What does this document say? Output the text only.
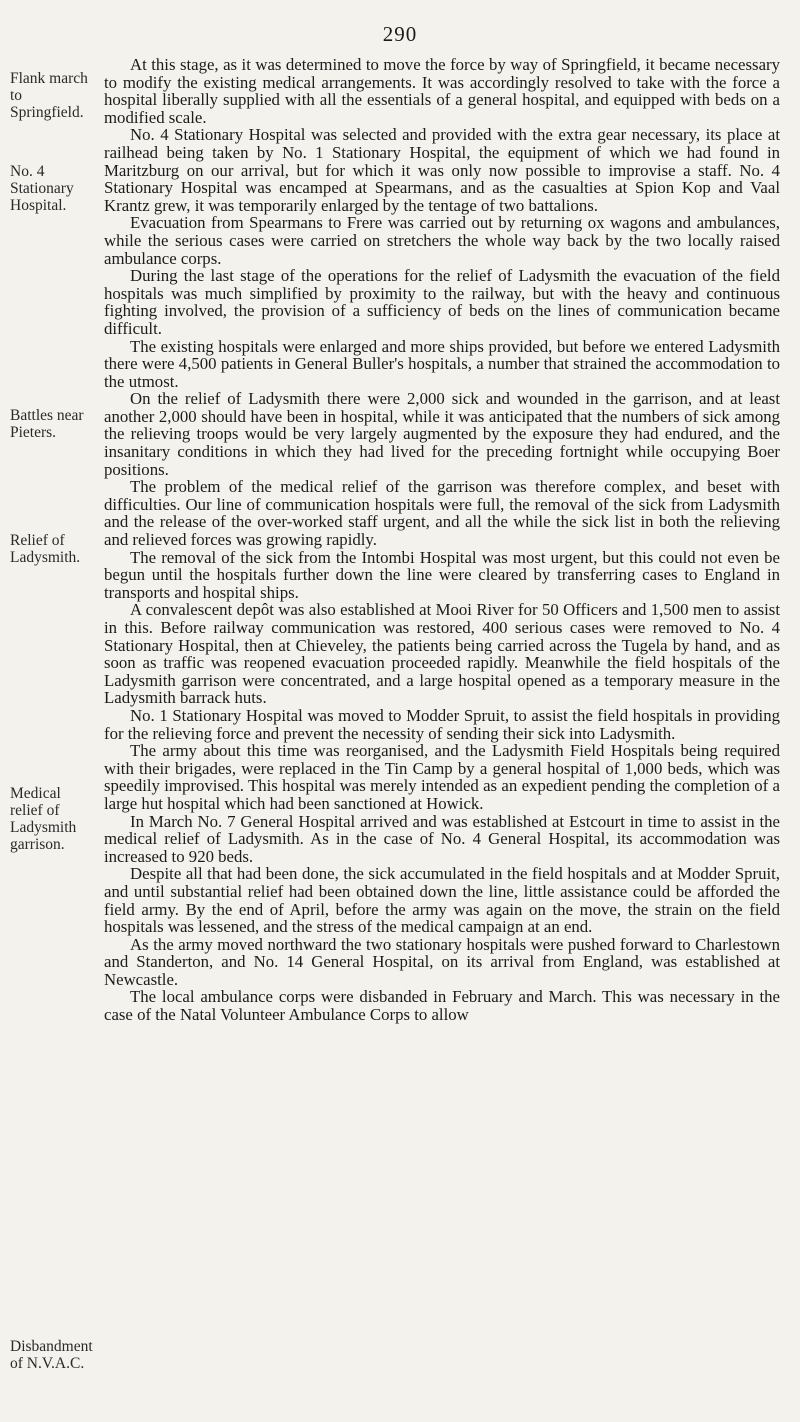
290
Flank march to Springfield.
No. 4 Stationary Hospital.
Battles near Pieters.
Relief of Ladysmith.
Medical relief of Ladysmith garrison.
Disbandment of N.V.A.C.

At this stage, as it was determined to move the force by way of Springfield, it became necessary to modify the existing medical arrangements. It was accordingly resolved to take with the force a hospital liberally supplied with all the essentials of a general hospital, and equipped with beds on a modified scale.

No. 4 Stationary Hospital was selected and provided with the extra gear necessary, its place at railhead being taken by No. 1 Stationary Hospital, the equipment of which we had found in Maritzburg on our arrival, but for which it was only now possible to improvise a staff. No. 4 Stationary Hospital was encamped at Spearmans, and as the casualties at Spion Kop and Vaal Krantz grew, it was temporarily enlarged by the tentage of two battalions.

Evacuation from Spearmans to Frere was carried out by returning ox wagons and ambulances, while the serious cases were carried on stretchers the whole way back by the two locally raised ambulance corps.

During the last stage of the operations for the relief of Ladysmith the evacuation of the field hospitals was much simplified by proximity to the railway, but with the heavy and continuous fighting involved, the provision of a sufficiency of beds on the lines of communication became difficult.

The existing hospitals were enlarged and more ships provided, but before we entered Ladysmith there were 4,500 patients in General Buller's hospitals, a number that strained the accommodation to the utmost.

On the relief of Ladysmith there were 2,000 sick and wounded in the garrison, and at least another 2,000 should have been in hospital, while it was anticipated that the numbers of sick among the relieving troops would be very largely augmented by the exposure they had endured, and the insanitary conditions in which they had lived for the preceding fortnight while occupying Boer positions.

The problem of the medical relief of the garrison was therefore complex, and beset with difficulties. Our line of communication hospitals were full, the removal of the sick from Ladysmith and the release of the over-worked staff urgent, and all the while the sick list in both the relieving and relieved forces was growing rapidly.

The removal of the sick from the Intombi Hospital was most urgent, but this could not even be begun until the hospitals further down the line were cleared by transferring cases to England in transports and hospital ships.

A convalescent depôt was also established at Mooi River for 50 Officers and 1,500 men to assist in this. Before railway communication was restored, 400 serious cases were removed to No. 4 Stationary Hospital, then at Chieveley, the patients being carried across the Tugela by hand, and as soon as traffic was reopened evacuation proceeded rapidly. Meanwhile the field hospitals of the Ladysmith garrison were concentrated, and a large hospital opened as a temporary measure in the Ladysmith barrack huts.

No. 1 Stationary Hospital was moved to Modder Spruit, to assist the field hospitals in providing for the relieving force and prevent the necessity of sending their sick into Ladysmith.

The army about this time was reorganised, and the Ladysmith Field Hospitals being required with their brigades, were replaced in the Tin Camp by a general hospital of 1,000 beds, which was speedily improvised. This hospital was merely intended as an expedient pending the completion of a large hut hospital which had been sanctioned at Howick.

In March No. 7 General Hospital arrived and was established at Estcourt in time to assist in the medical relief of Ladysmith. As in the case of No. 4 General Hospital, its accommodation was increased to 920 beds.

Despite all that had been done, the sick accumulated in the field hospitals and at Modder Spruit, and until substantial relief had been obtained down the line, little assistance could be afforded the field army. By the end of April, before the army was again on the move, the strain on the field hospitals was lessened, and the stress of the medical campaign at an end.

As the army moved northward the two stationary hospitals were pushed forward to Charlestown and Standerton, and No. 14 General Hospital, on its arrival from England, was established at Newcastle.

The local ambulance corps were disbanded in February and March. This was necessary in the case of the Natal Volunteer Ambulance Corps to allow
